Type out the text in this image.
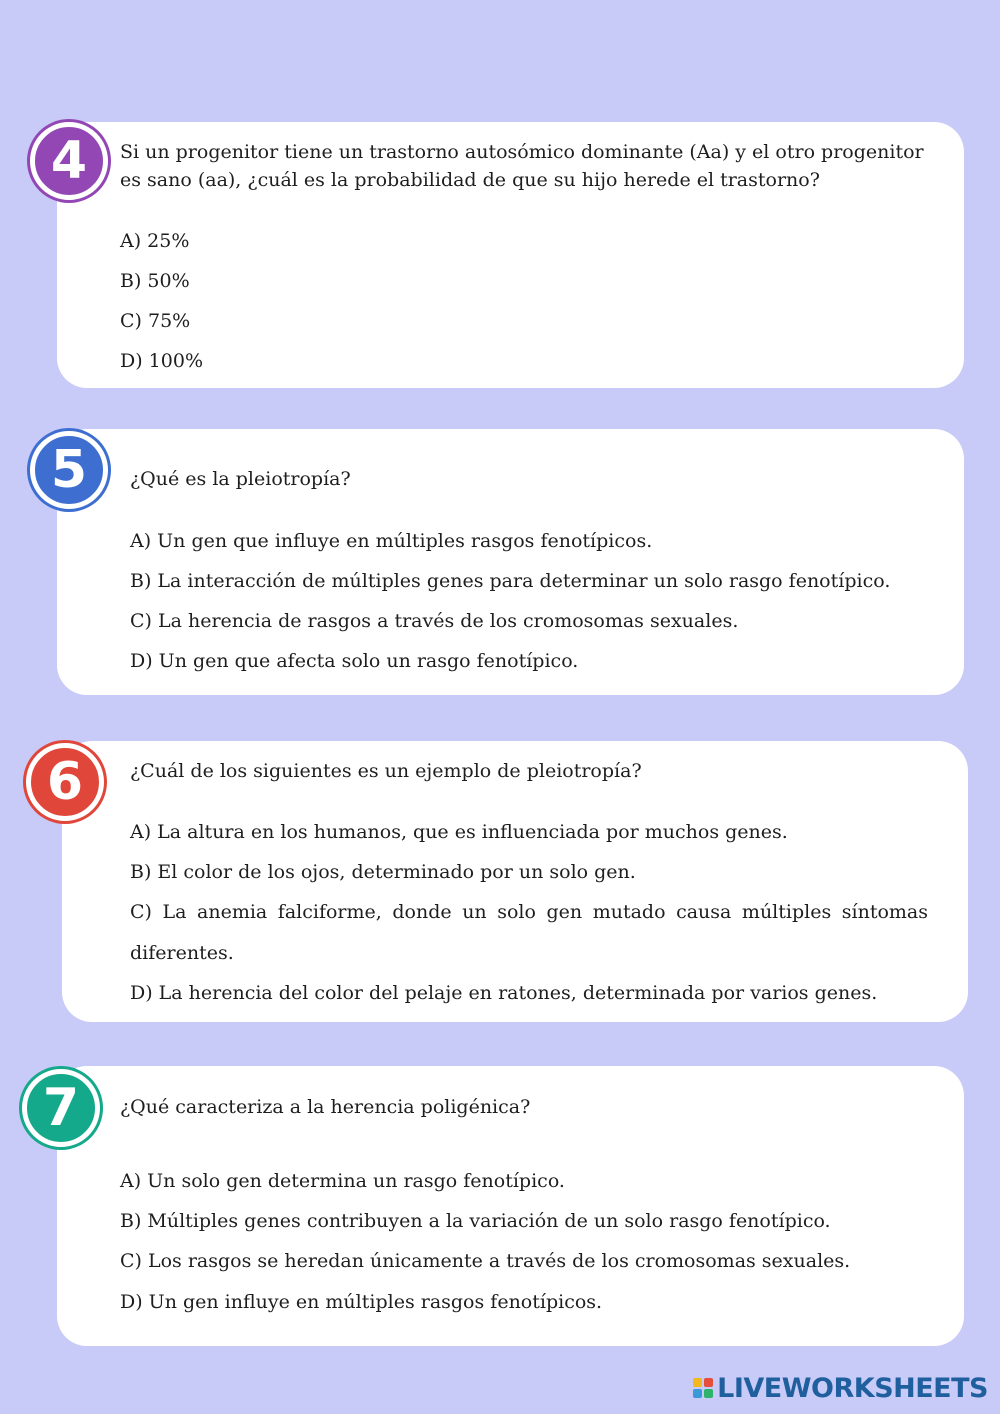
4	Si un progenitor tiene un trastorno autosómico dominante (Aa) y el otro progenitor es sano (aa), ¿cuál es la probabilidad de que su hijo herede el trastorno?

A) 25%

B) 50%

C) 75%

D) 100%

5	¿Qué es la pleiotropía?

A) Un gen que influye en múltiples rasgos fenotípicos.

B) La interacción de múltiples genes para determinar un solo rasgo fenotípico.

C) La herencia de rasgos a través de los cromosomas sexuales.

D) Un gen que afecta solo un rasgo fenotípico.

6	¿Cuál de los siguientes es un ejemplo de pleiotropía?

A) La altura en los humanos, que es influenciada por muchos genes.

B) El color de los ojos, determinado por un solo gen.

C) La anemia falciforme, donde un solo gen mutado causa múltiples síntomas

diferentes.

D) La herencia del color del pelaje en ratones, determinada por varios genes.

7	¿Qué caracteriza a la herencia poligénica?

A) Un solo gen determina un rasgo fenotípico.

B) Múltiples genes contribuyen a la variación de un solo rasgo fenotípico.

C) Los rasgos se heredan únicamente a través de los cromosomas sexuales.

D) Un gen influye en múltiples rasgos fenotípicos.

LIVEWORKSHEETS
